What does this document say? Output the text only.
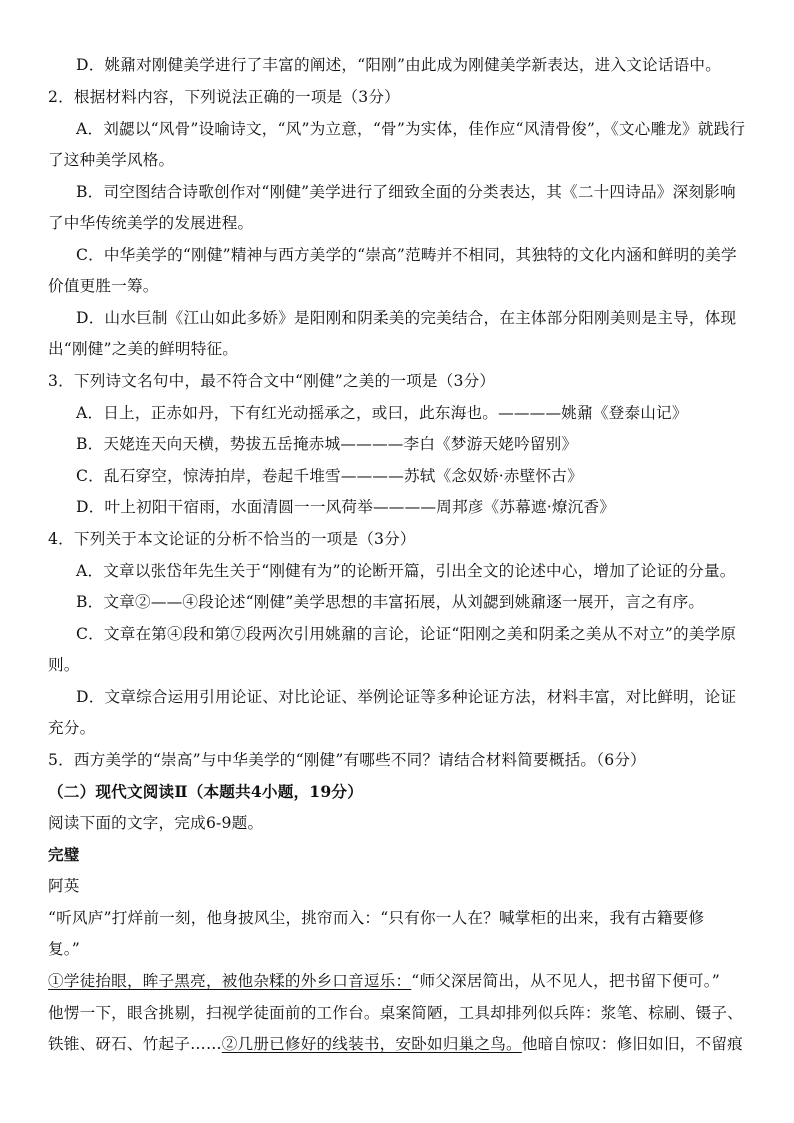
D．姚鼐对刚健美学进行了丰富的阐述，“阳刚”由此成为刚健美学新表达，进入文论话语中。
2．根据材料内容，下列说法正确的一项是（3分）
A．刘勰以“风骨”设喻诗文，“风”为立意，“骨”为实体，佳作应“风清骨俊”，《文心雕龙》就践行
了这种美学风格。
B．司空图结合诗歌创作对“刚健”美学进行了细致全面的分类表达，其《二十四诗品》深刻影响
了中华传统美学的发展进程。
C．中华美学的“刚健”精神与西方美学的“崇高”范畴并不相同，其独特的文化内涵和鲜明的美学
价值更胜一筹。
D．山水巨制《江山如此多娇》是阳刚和阴柔美的完美结合，在主体部分阳刚美则是主导，体现
出“刚健”之美的鲜明特征。
3．下列诗文名句中，最不符合文中“刚健”之美的一项是（3分）
A．日上，正赤如丹，下有红光动摇承之，或曰，此东海也。————姚鼐《登泰山记》
B．天姥连天向天横，势拔五岳掩赤城————李白《梦游天姥吟留别》
C．乱石穿空，惊涛拍岸，卷起千堆雪————苏轼《念奴娇·赤壁怀古》
D．叶上初阳干宿雨，水面清圆一一风荷举————周邦彦《苏幕遮·燎沉香》
4．下列关于本文论证的分析不恰当的一项是（3分）
A．文章以张岱年先生关于“刚健有为”的论断开篇，引出全文的论述中心，增加了论证的分量。
B．文章②——④段论述“刚健”美学思想的丰富拓展，从刘勰到姚鼐逐一展开，言之有序。
C．文章在第④段和第⑦段两次引用姚鼐的言论，论证“阳刚之美和阴柔之美从不对立”的美学原
则。
D．文章综合运用引用论证、对比论证、举例论证等多种论证方法，材料丰富，对比鲜明，论证
充分。
5．西方美学的“崇高”与中华美学的“刚健”有哪些不同？请结合材料简要概括。（6分）
（二）现代文阅读Ⅱ（本题共4小题，19分）
阅读下面的文字，完成6-9题。
完璧
阿英
“听风庐”打烊前一刻，他身披风尘，挑帘而入：“只有你一人在？喊掌柜的出来，我有古籍要修
复。”
①学徒抬眼，眸子黑亮，被他杂糅的外乡口音逗乐：“师父深居简出，从不见人，把书留下便可。”
他愣一下，眼含挑剔，扫视学徒面前的工作台。桌案简陋，工具却排列似兵阵：浆笔、棕刷、镊子、
铁锥、砑石、竹起子……②几册已修好的线装书，安卧如归巢之鸟。他暗自惊叹：修旧如旧，不留痕
